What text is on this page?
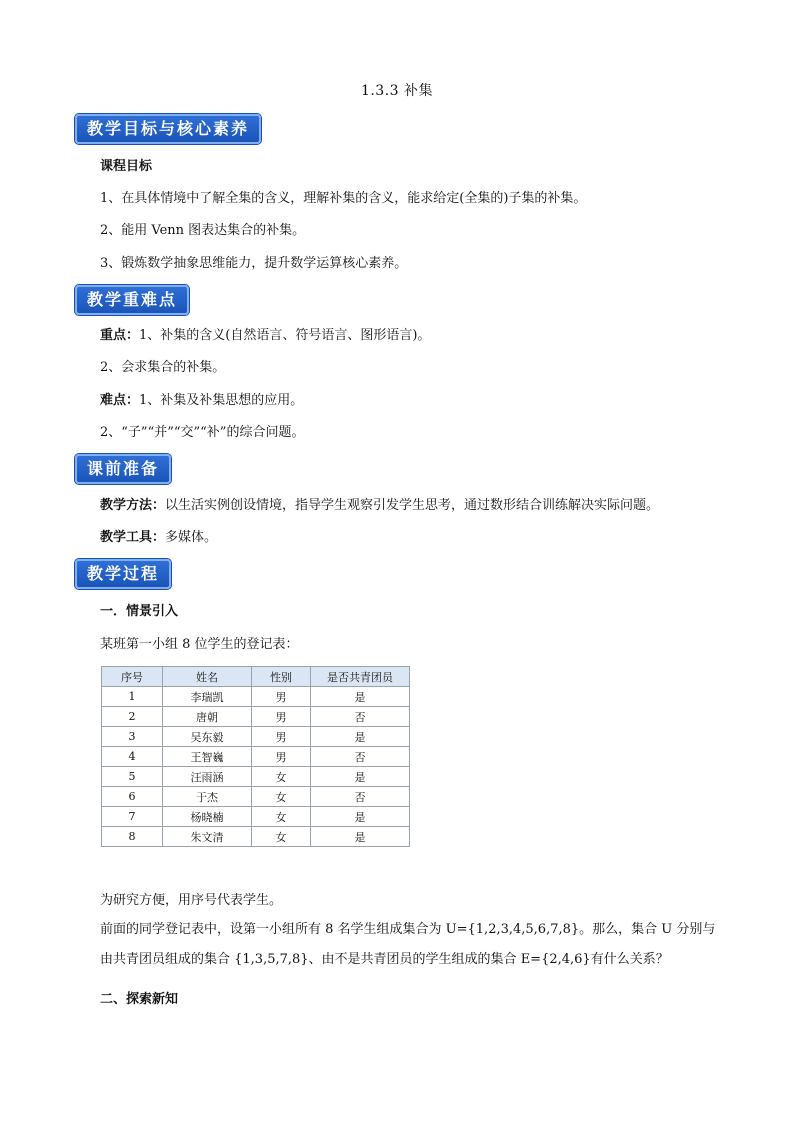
1.3.3 补集
教学目标与核心素养
课程目标
1、在具体情境中了解全集的含义，理解补集的含义，能求给定(全集的)子集的补集。
2、能用 Venn 图表达集合的补集。
3、锻炼数学抽象思维能力，提升数学运算核心素养。
教学重难点
重点：1、补集的含义(自然语言、符号语言、图形语言)。
2、会求集合的补集。
难点：1、补集及补集思想的应用。
2、“子”“并”“交”“补”的综合问题。
课前准备
教学方法：以生活实例创设情境，指导学生观察引发学生思考，通过数形结合训练解决实际问题。
教学工具：多媒体。
教学过程
一．情景引入
某班第一小组 8 位学生的登记表：
序号	姓名	性别	是否共青团员
1	李瑞凯	男	是
2	唐朝	男	否
3	吴东毅	男	是
4	王智巍	男	否
5	汪雨涵	女	是
6	于杰	女	否
7	杨晓楠	女	是
8	朱文清	女	是
为研究方便，用序号代表学生。
前面的同学登记表中，设第一小组所有 8 名学生组成集合为 U={1,2,3,4,5,6,7,8}。那么，集合 U 分别与由共青团员组成的集合 {1,3,5,7,8}、由不是共青团员的学生组成的集合 E={2,4,6}有什么关系？
二、探索新知
